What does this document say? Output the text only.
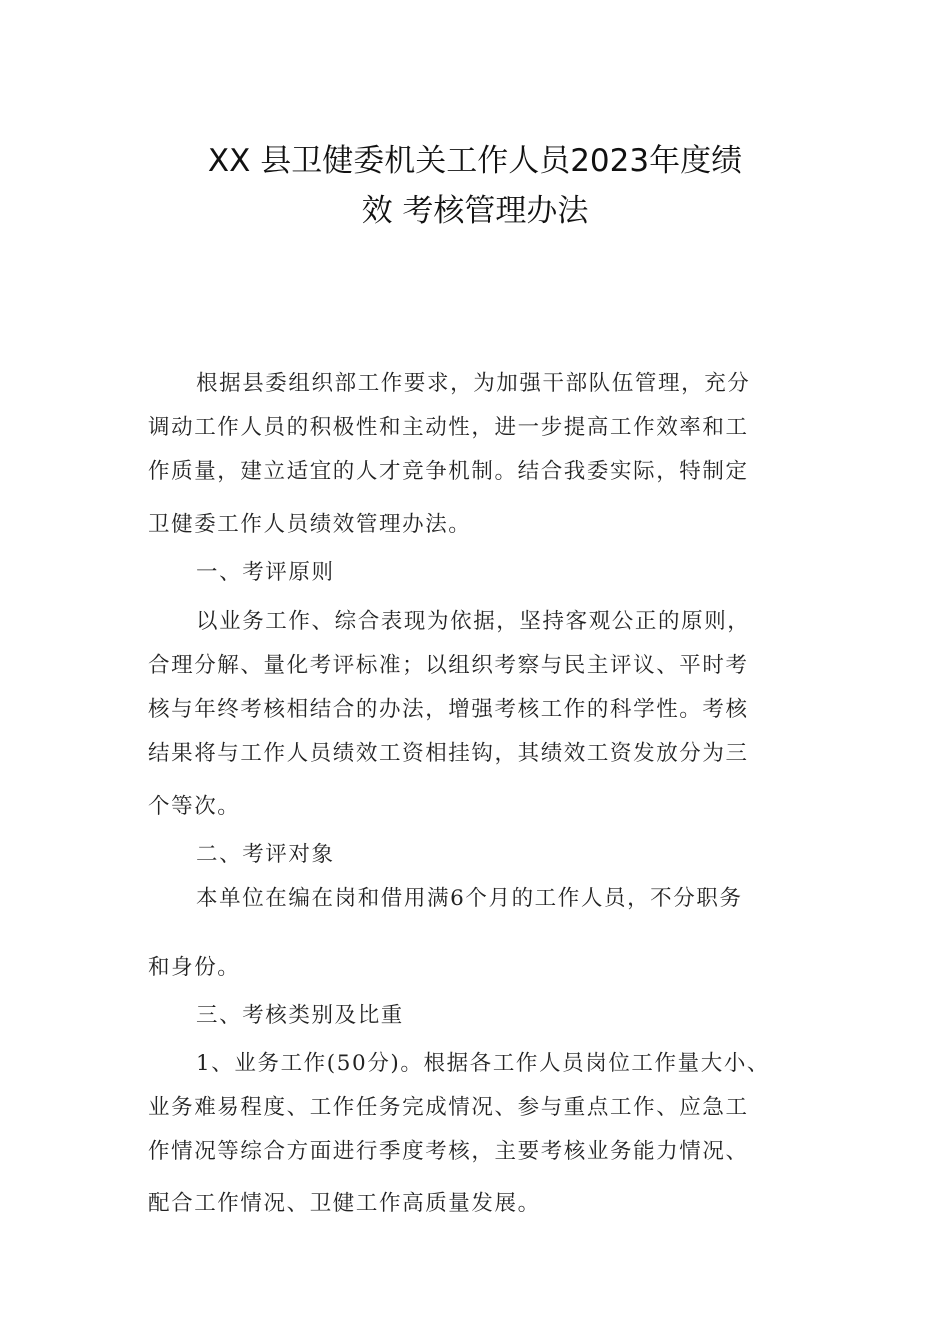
XX 县卫健委机关工作人员2023年度绩
效 考核管理办法
根据县委组织部工作要求，为加强干部队伍管理，充分
调动工作人员的积极性和主动性，进一步提高工作效率和工
作质量，建立适宜的人才竞争机制。结合我委实际，特制定
卫健委工作人员绩效管理办法。
一、考评原则
以业务工作、综合表现为依据，坚持客观公正的原则，
合理分解、量化考评标准；以组织考察与民主评议、平时考
核与年终考核相结合的办法，增强考核工作的科学性。考核
结果将与工作人员绩效工资相挂钩，其绩效工资发放分为三
个等次。
二、考评对象
本单位在编在岗和借用满6个月的工作人员，不分职务
和身份。
三、考核类别及比重
1、业务工作(50分)。根据各工作人员岗位工作量大小、
业务难易程度、工作任务完成情况、参与重点工作、应急工
作情况等综合方面进行季度考核，主要考核业务能力情况、
配合工作情况、卫健工作高质量发展。
